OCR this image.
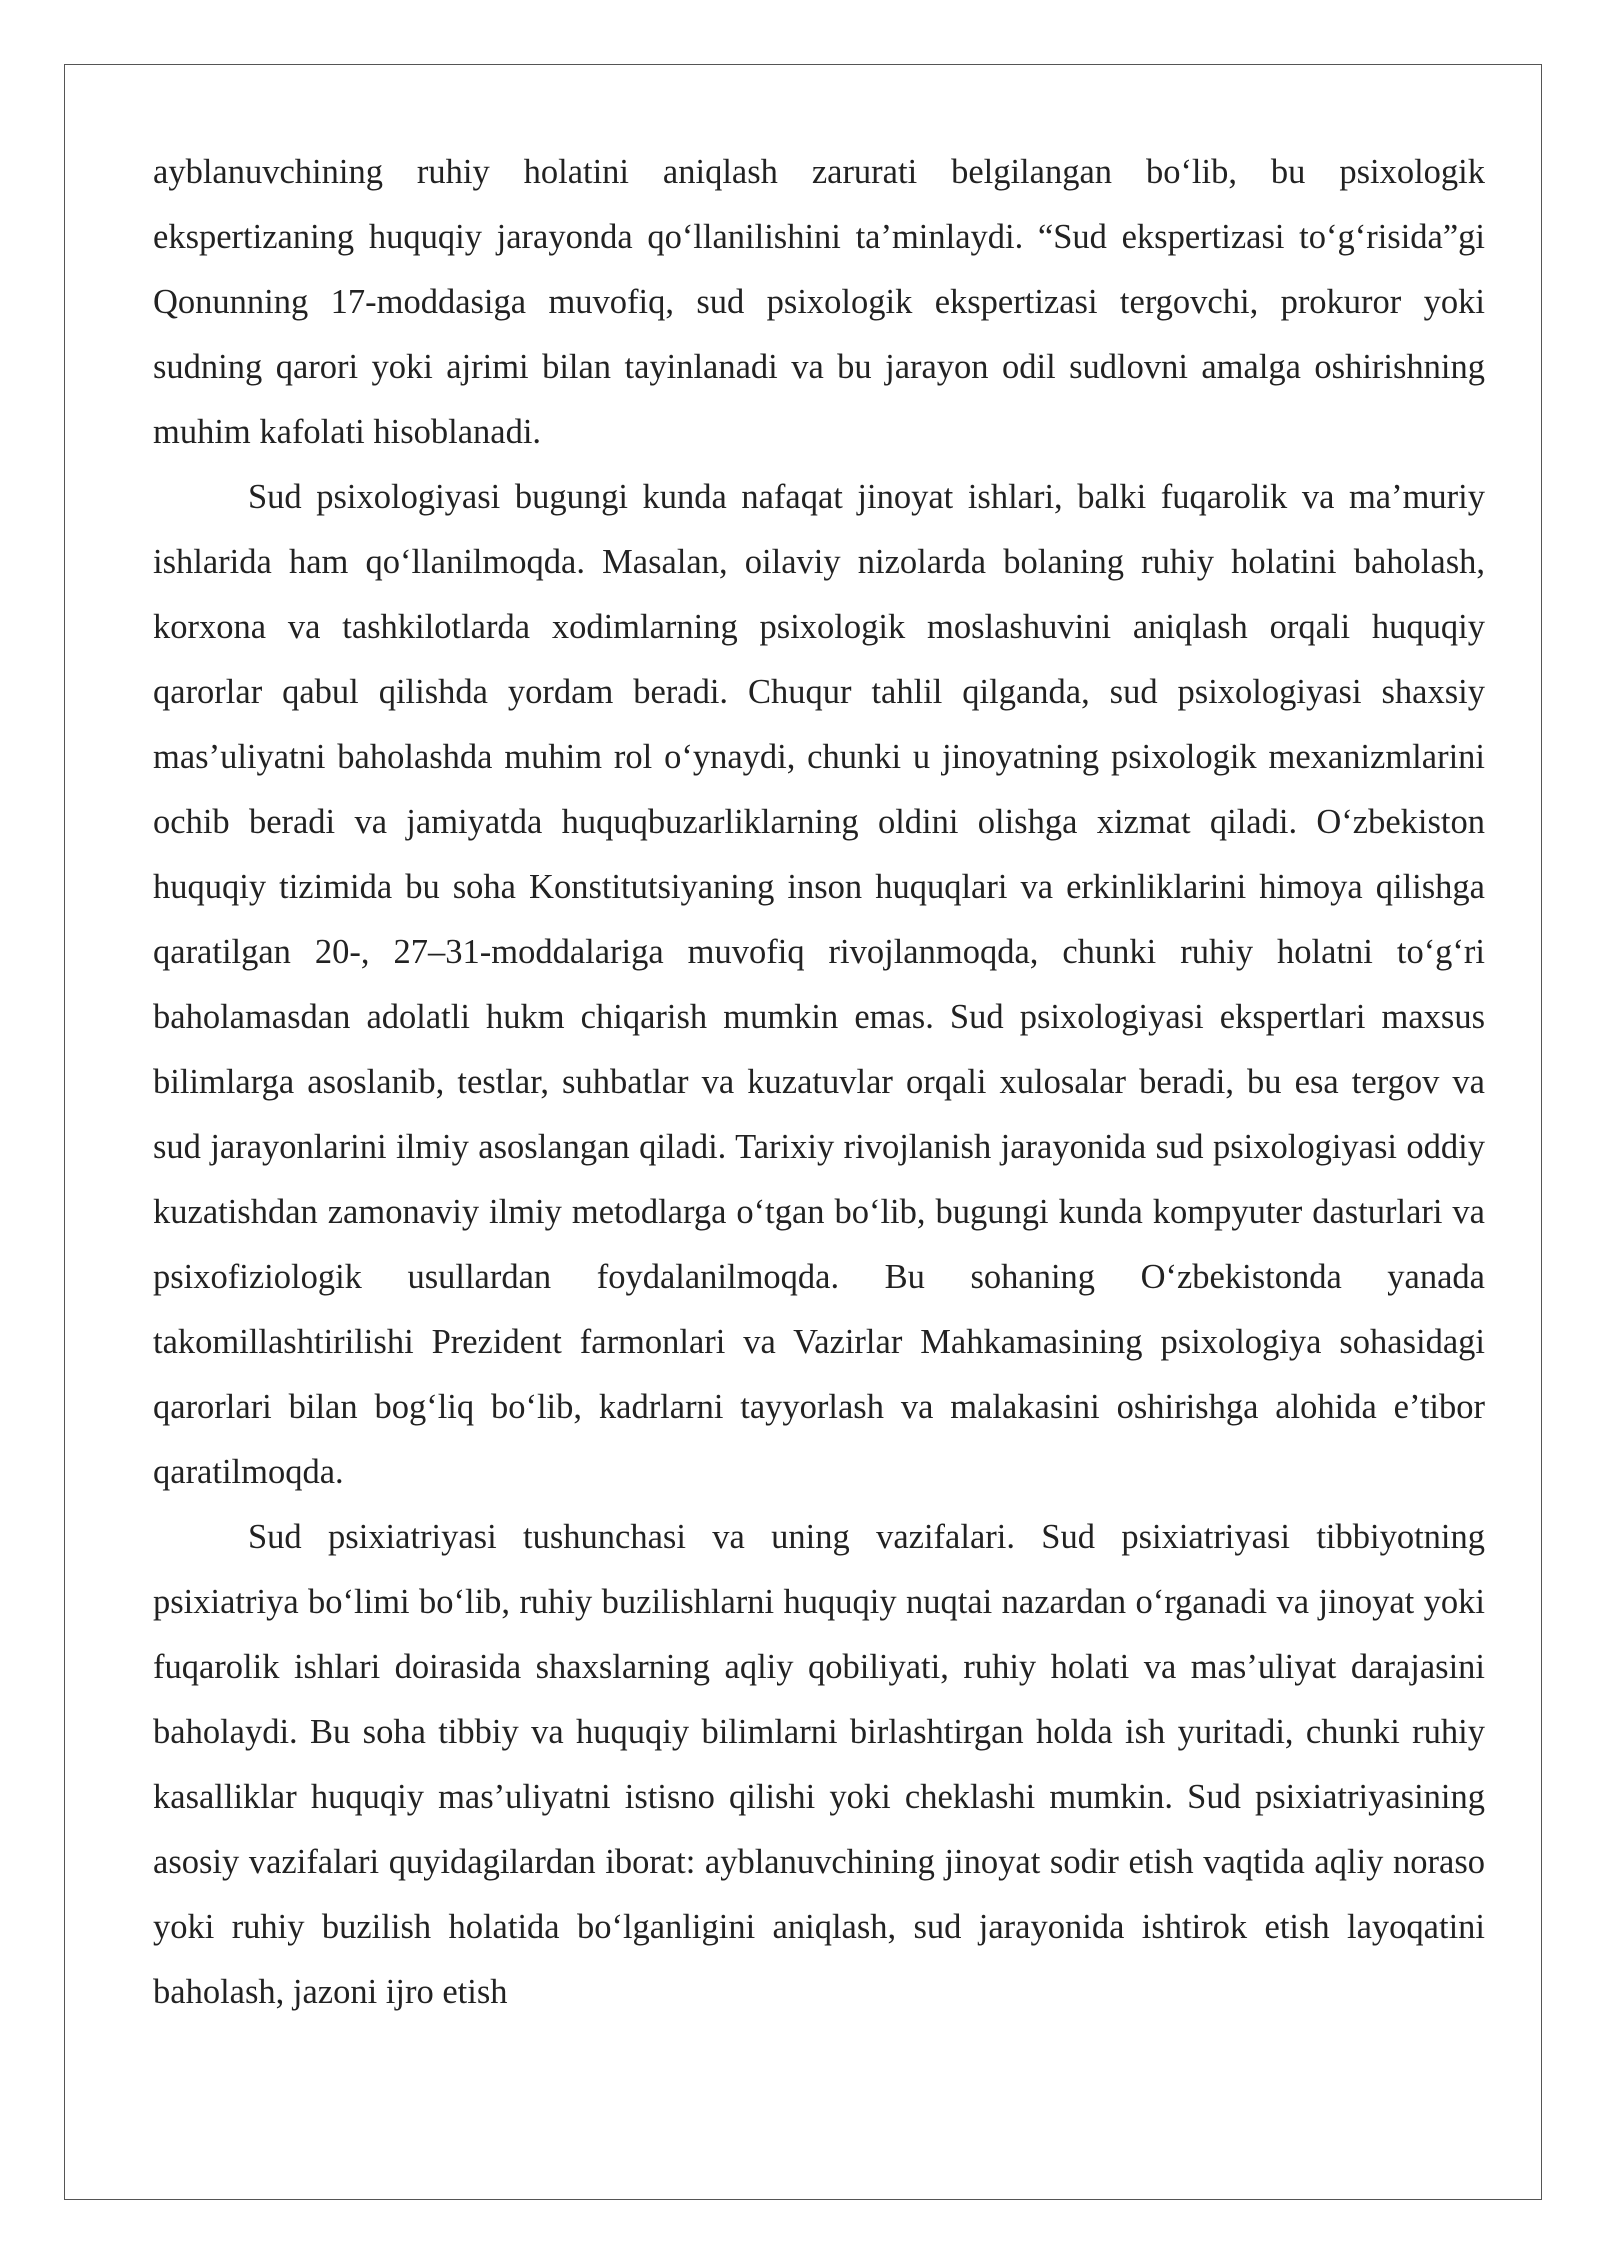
ayblanuvchining ruhiy holatini aniqlash zarurati belgilangan bo‘lib, bu psixologik ekspertizaning huquqiy jarayonda qo‘llanilishini ta’minlaydi. “Sud ekspertizasi to‘g‘risida”gi Qonunning 17-moddasiga muvofiq, sud psixologik ekspertizasi tergovchi, prokuror yoki sudning qarori yoki ajrimi bilan tayinlanadi va bu jarayon odil sudlovni amalga oshirishning muhim kafolati hisoblanadi.

Sud psixologiyasi bugungi kunda nafaqat jinoyat ishlari, balki fuqarolik va ma’muriy ishlarida ham qo‘llanilmoqda. Masalan, oilaviy nizolarda bolaning ruhiy holatini baholash, korxona va tashkilotlarda xodimlarning psixologik moslashuvini aniqlash orqali huquqiy qarorlar qabul qilishda yordam beradi. Chuqur tahlil qilganda, sud psixologiyasi shaxsiy mas’uliyatni baholashda muhim rol o‘ynaydi, chunki u jinoyatning psixologik mexanizmlarini ochib beradi va jamiyatda huquqbuzarliklarning oldini olishga xizmat qiladi. O‘zbekiston huquqiy tizimida bu soha Konstitutsiyaning inson huquqlari va erkinliklarini himoya qilishga qaratilgan 20-, 27–31-moddalariga muvofiq rivojlanmoqda, chunki ruhiy holatni to‘g‘ri baholamasdan adolatli hukm chiqarish mumkin emas. Sud psixologiyasi ekspertlari maxsus bilimlarga asoslanib, testlar, suhbatlar va kuzatuvlar orqali xulosalar beradi, bu esa tergov va sud jarayonlarini ilmiy asoslangan qiladi. Tarixiy rivojlanish jarayonida sud psixologiyasi oddiy kuzatishdan zamonaviy ilmiy metodlarga o‘tgan bo‘lib, bugungi kunda kompyuter dasturlari va psixofiziologik usullardan foydalanilmoqda. Bu sohaning O‘zbekistonda yanada takomillashtirilishi Prezident farmonlari va Vazirlar Mahkamasining psixologiya sohasidagi qarorlari bilan bog‘liq bo‘lib, kadrlarni tayyorlash va malakasini oshirishga alohida e’tibor qaratilmoqda.

Sud psixiatriyasi tushunchasi va uning vazifalari. Sud psixiatriyasi tibbiyotning psixiatriya bo‘limi bo‘lib, ruhiy buzilishlarni huquqiy nuqtai nazardan o‘rganadi va jinoyat yoki fuqarolik ishlari doirasida shaxslarning aqliy qobiliyati, ruhiy holati va mas’uliyat darajasini baholaydi. Bu soha tibbiy va huquqiy bilimlarni birlashtirgan holda ish yuritadi, chunki ruhiy kasalliklar huquqiy mas’uliyatni istisno qilishi yoki cheklashi mumkin. Sud psixiatriyasining asosiy vazifalari quyidagilardan iborat: ayblanuvchining jinoyat sodir etish vaqtida aqliy noraso yoki ruhiy buzilish holatida bo‘lganligini aniqlash, sud jarayonida ishtirok etish layoqatini baholash, jazoni ijro etish
